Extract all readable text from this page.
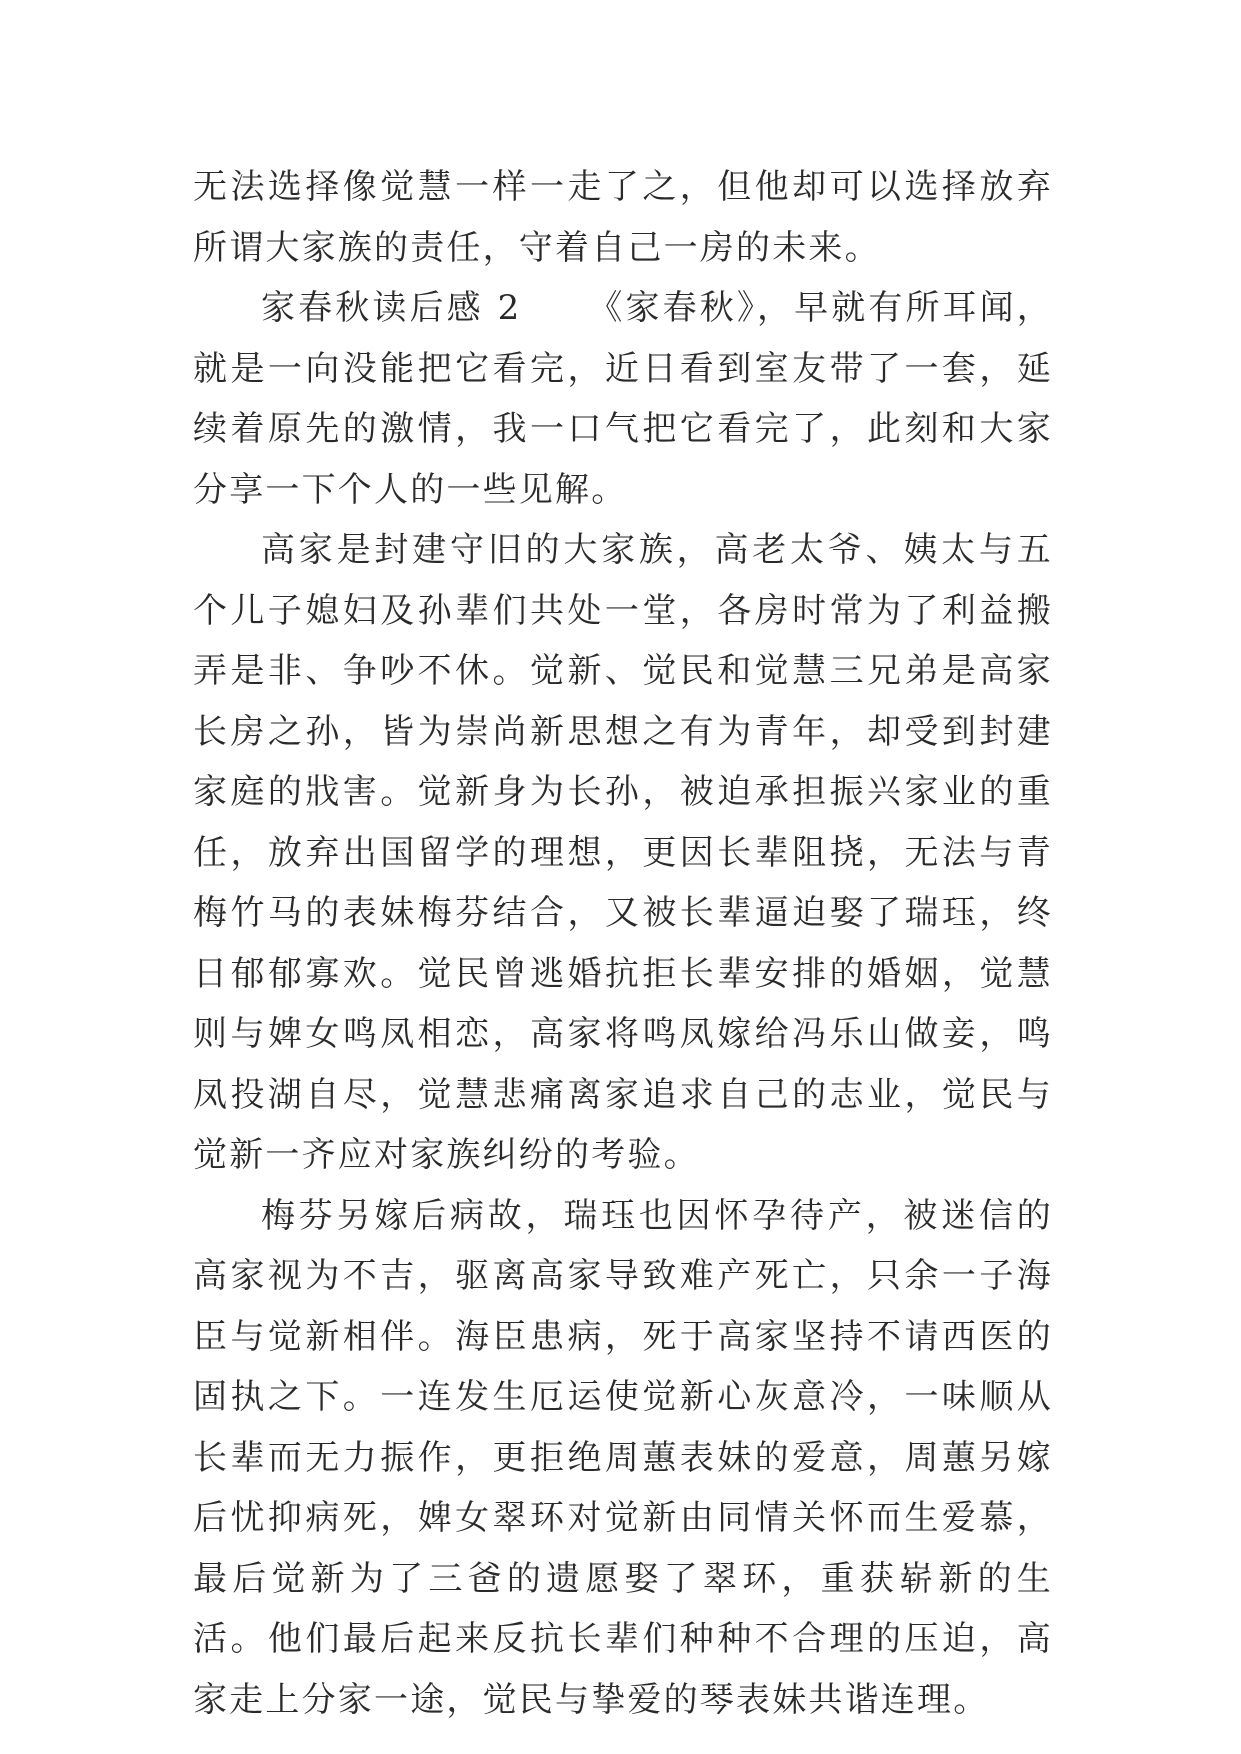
无法选择像觉慧一样一走了之，但他却可以选择放弃所谓大家族的责任，守着自己一房的未来。

家春秋读后感 2 《家春秋》，早就有所耳闻，就是一向没能把它看完，近日看到室友带了一套，延续着原先的激情，我一口气把它看完了，此刻和大家分享一下个人的一些见解。

高家是封建守旧的大家族，高老太爷、姨太与五个儿子媳妇及孙辈们共处一堂，各房时常为了利益搬弄是非、争吵不休。觉新、觉民和觉慧三兄弟是高家长房之孙，皆为崇尚新思想之有为青年，却受到封建家庭的戕害。觉新身为长孙，被迫承担振兴家业的重任，放弃出国留学的理想，更因长辈阻挠，无法与青梅竹马的表妹梅芬结合，又被长辈逼迫娶了瑞珏，终日郁郁寡欢。觉民曾逃婚抗拒长辈安排的婚姻，觉慧则与婢女鸣凤相恋，高家将鸣凤嫁给冯乐山做妾，鸣凤投湖自尽，觉慧悲痛离家追求自己的志业，觉民与觉新一齐应对家族纠纷的考验。

梅芬另嫁后病故，瑞珏也因怀孕待产，被迷信的高家视为不吉，驱离高家导致难产死亡，只余一子海臣与觉新相伴。海臣患病，死于高家坚持不请西医的固执之下。一连发生厄运使觉新心灰意冷，一味顺从长辈而无力振作，更拒绝周蕙表妹的爱意，周蕙另嫁后忧抑病死，婢女翠环对觉新由同情关怀而生爱慕，最后觉新为了三爸的遗愿娶了翠环，重获崭新的生活。他们最后起来反抗长辈们种种不合理的压迫，高家走上分家一途，觉民与挚爱的琴表妹共谐连理。
